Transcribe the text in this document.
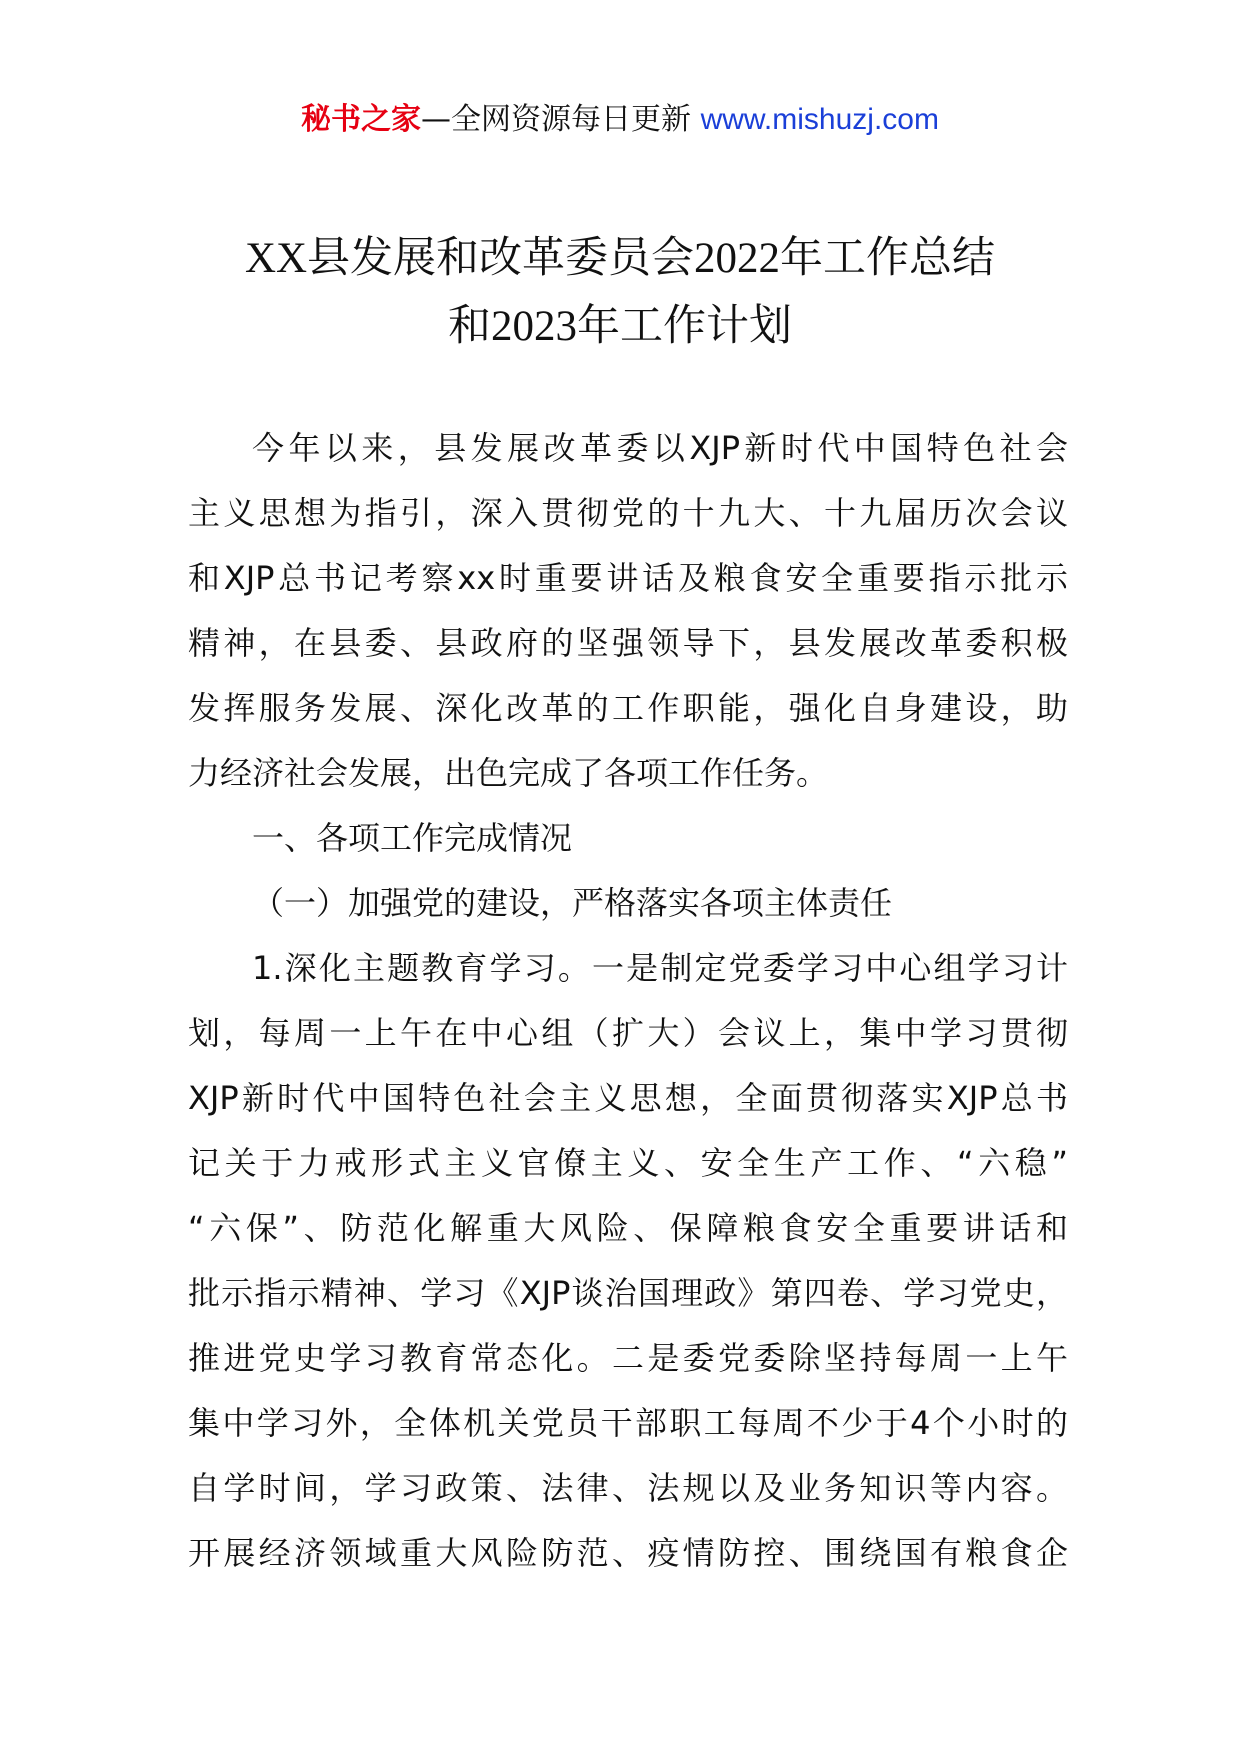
秘书之家—全网资源每日更新 www.mishuzj.com
XX县发展和改革委员会2022年工作总结
和2023年工作计划
今年以来，县发展改革委以XJP新时代中国特色社会
主义思想为指引，深入贯彻党的十九大、十九届历次会议
和XJP总书记考察xx时重要讲话及粮食安全重要指示批示
精神，在县委、县政府的坚强领导下，县发展改革委积极
发挥服务发展、深化改革的工作职能，强化自身建设，助
力经济社会发展，出色完成了各项工作任务。
一、各项工作完成情况
（一）加强党的建设，严格落实各项主体责任
1.深化主题教育学习。一是制定党委学习中心组学习计
划，每周一上午在中心组（扩大）会议上，集中学习贯彻
XJP新时代中国特色社会主义思想，全面贯彻落实XJP总书
记关于力戒形式主义官僚主义、安全生产工作、“六稳”
“六保”、防范化解重大风险、保障粮食安全重要讲话和
批示指示精神、学习《XJP谈治国理政》第四卷、学习党史，
推进党史学习教育常态化。二是委党委除坚持每周一上午
集中学习外，全体机关党员干部职工每周不少于4个小时的
自学时间，学习政策、法律、法规以及业务知识等内容。
开展经济领域重大风险防范、疫情防控、围绕国有粮食企
